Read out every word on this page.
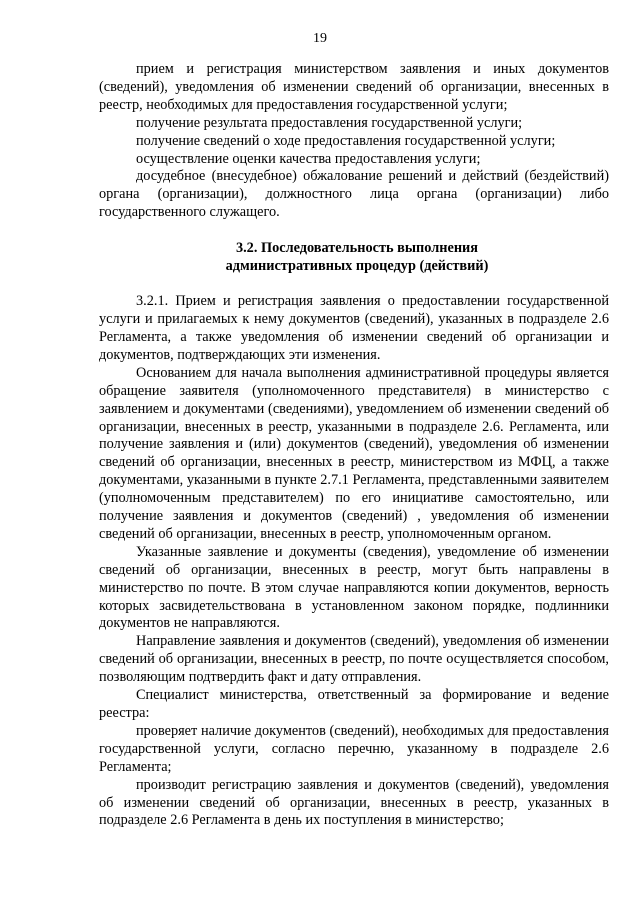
19

прием и регистрация министерством заявления и иных документов (сведений), уведомления об изменении сведений об организации, внесенных в реестр, необходимых для предоставления государственной услуги;

получение результата предоставления государственной услуги;

получение сведений о ходе предоставления государственной услуги;

осуществление оценки качества предоставления услуги;

досудебное (внесудебное) обжалование решений и действий (бездействий) органа (организации), должностного лица органа (организации) либо государственного служащего.

3.2. Последовательность выполнения
административных процедур (действий)

3.2.1. Прием и регистрация заявления о предоставлении государственной услуги и прилагаемых к нему документов (сведений), указанных в подразделе 2.6 Регламента, а также уведомления об изменении сведений об организации и документов, подтверждающих эти изменения.

Основанием для начала выполнения административной процедуры является обращение заявителя (уполномоченного представителя) в министерство с заявлением и документами (сведениями), уведомлением об изменении сведений об организации, внесенных в реестр, указанными в подразделе 2.6. Регламента, или получение заявления и (или) документов (сведений), уведомления об изменении сведений об организации, внесенных в реестр, министерством из МФЦ, а также документами, указанными в пункте 2.7.1 Регламента, представленными заявителем (уполномоченным представителем) по его инициативе самостоятельно, или получение заявления и документов (сведений) , уведомления об изменении сведений об организации, внесенных в реестр, уполномоченным органом.

Указанные заявление и документы (сведения), уведомление об изменении сведений об организации, внесенных в реестр, могут быть направлены в министерство по почте. В этом случае направляются копии документов, верность которых засвидетельствована в установленном законом порядке, подлинники документов не направляются.

Направление заявления и документов (сведений), уведомления об изменении сведений об организации, внесенных в реестр, по почте осуществляется способом, позволяющим подтвердить факт и дату отправления.

Специалист министерства, ответственный за формирование и ведение реестра:

проверяет наличие документов (сведений), необходимых для предоставления государственной услуги, согласно перечню, указанному в подразделе 2.6 Регламента;

производит регистрацию заявления и документов (сведений), уведомления об изменении сведений об организации, внесенных в реестр, указанных в подразделе 2.6 Регламента в день их поступления в министерство;
